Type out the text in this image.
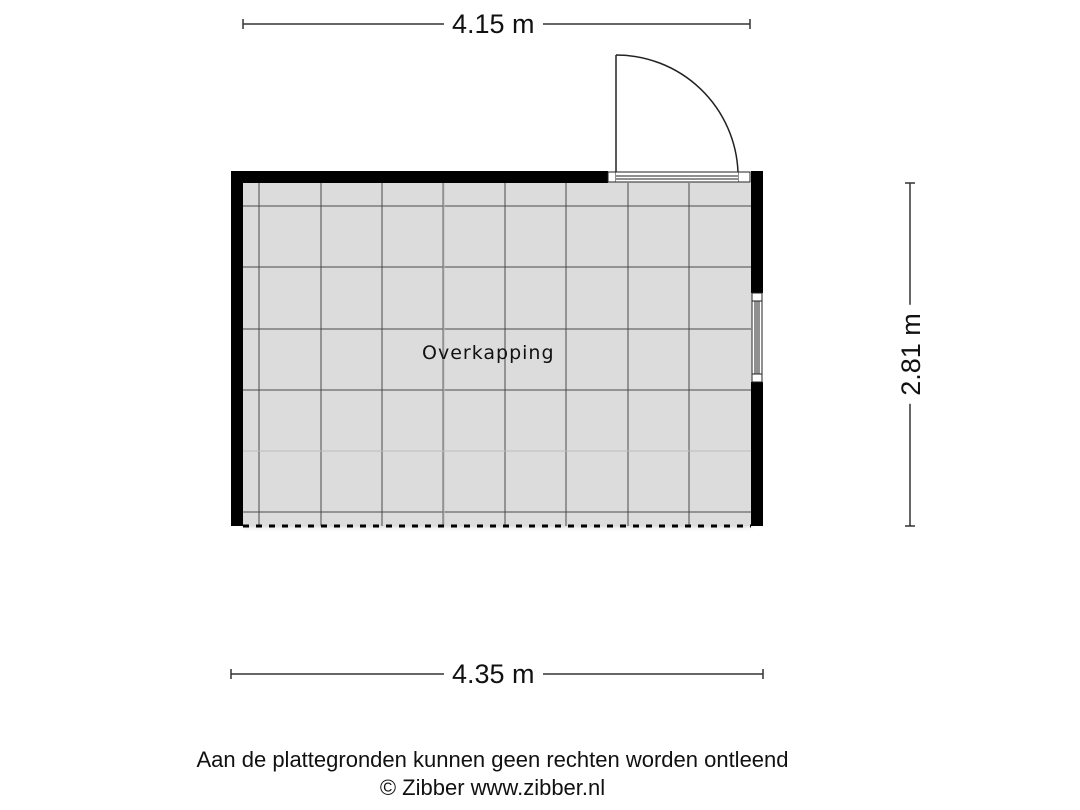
4.15 m
4.35 m
2.81 m
Overkapping
Aan de plattegronden kunnen geen rechten worden ontleend
© Zibber www.zibber.nl
